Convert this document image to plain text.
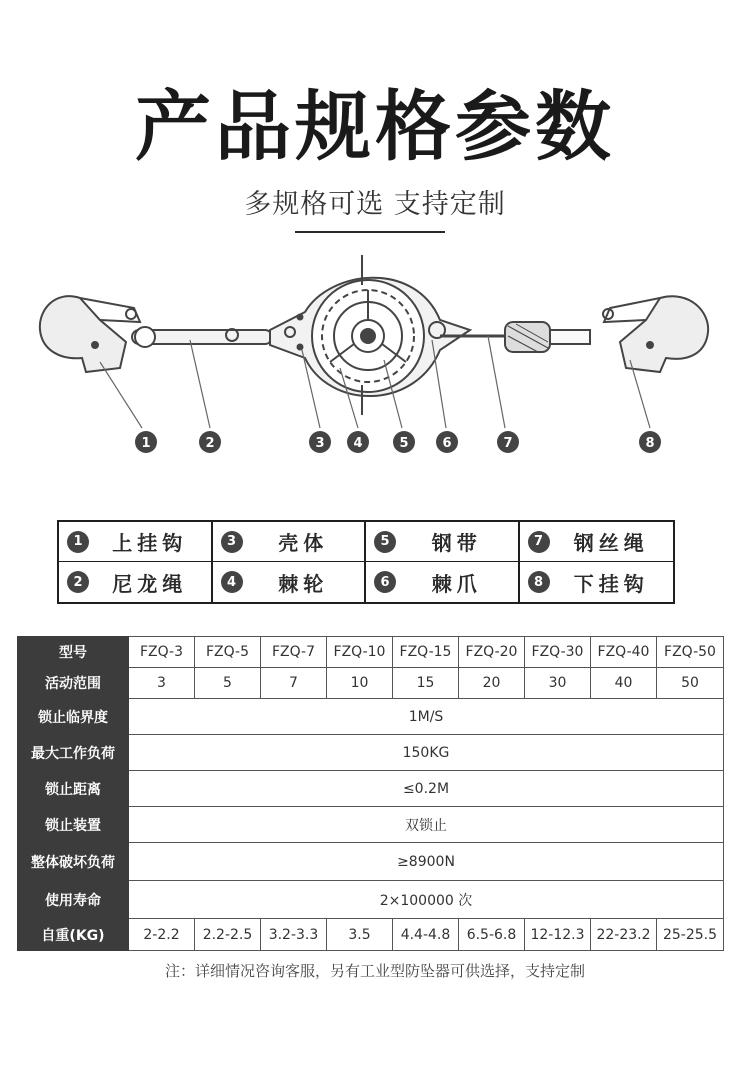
产品规格参数
多规格可选 支持定制
1	2	3 4	5	6	7	8
1	上挂钩	3	壳体	5	钢带	7	钢丝绳
2	尼龙绳	4	棘轮	6	棘爪	8	下挂钩
型号	FZQ-3	FZQ-5	FZQ-7	FZQ-10	FZQ-15	FZQ-20	FZQ-30	FZQ-40	FZQ-50
活动范围	3	5	7	10	15	20	30	40	50
锁止临界度	1M/S								
最大工作负荷	150KG								
锁止距离	≤0.2M								
锁止装置	双锁止								
整体破坏负荷	≥8900N								
使用寿命	2×100000 次								
自重(KG)	2-2.2	2.2-2.5	3.2-3.3	3.5	4.4-4.8	6.5-6.8	12-12.3	22-23.2	25-25.5
注：详细情况咨询客服，另有工业型防坠器可供选择，支持定制
